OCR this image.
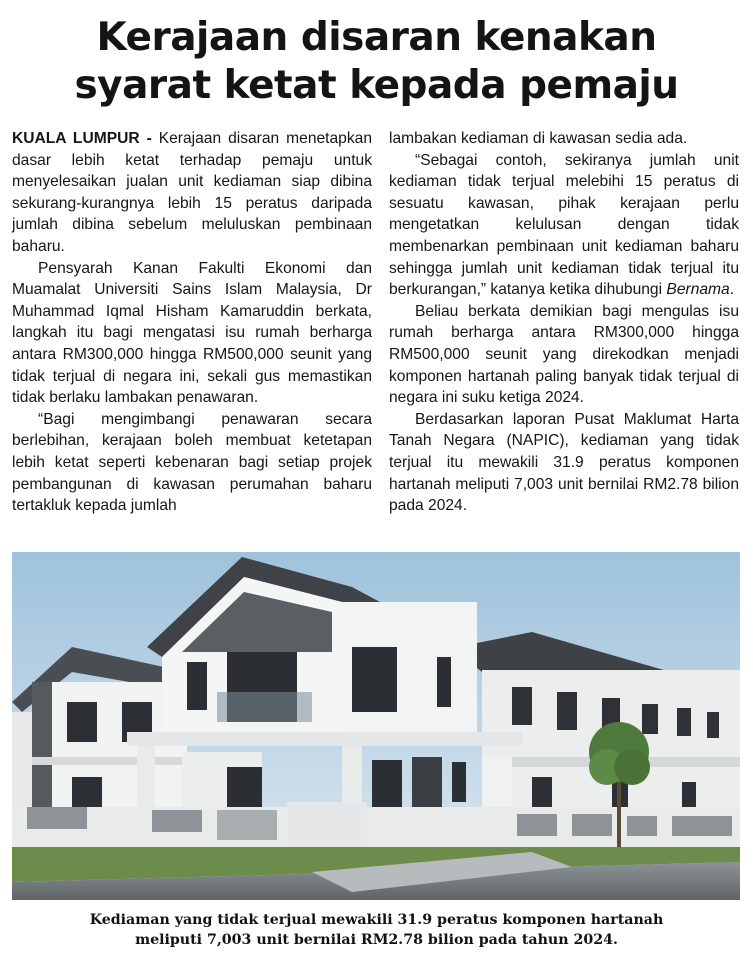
Kerajaan disaran kenakan
syarat ketat kepada pemaju

KUALA LUMPUR - Kerajaan disaran menetapkan dasar lebih ketat terhadap pemaju untuk menyelesaikan jualan unit kediaman siap dibina sekurang-kurangnya lebih 15 peratus daripada jumlah dibina sebelum meluluskan pembinaan baharu.

Pensyarah Kanan Fakulti Ekonomi dan Muamalat Universiti Sains Islam Malaysia, Dr Muhammad Iqmal Hisham Kamaruddin berkata, langkah itu bagi mengatasi isu rumah berharga antara RM300,000 hingga RM500,000 seunit yang tidak terjual di negara ini, sekali gus memastikan tidak berlaku lambakan penawaran.

“Bagi mengimbangi penawaran secara berlebihan, kerajaan boleh membuat ketetapan lebih ketat seperti kebenaran bagi setiap projek pembangunan di kawasan perumahan baharu tertakluk kepada jumlah

lambakan kediaman di kawasan sedia ada.

“Sebagai contoh, sekiranya jumlah unit kediaman tidak terjual melebihi 15 peratus di sesuatu kawasan, pihak kerajaan perlu mengetatkan kelulusan dengan tidak membenarkan pembinaan unit kediaman baharu sehingga jumlah unit kediaman tidak terjual itu berkurangan,” katanya ketika dihubungi Bernama.

Beliau berkata demikian bagi mengulas isu rumah berharga antara RM300,000 hingga RM500,000 seunit yang direkodkan menjadi komponen hartanah paling banyak tidak terjual di negara ini suku ketiga 2024.

Berdasarkan laporan Pusat Maklumat Harta Tanah Negara (NAPIC), kediaman yang tidak terjual itu mewakili 31.9 peratus komponen hartanah meliputi 7,003 unit bernilai RM2.78 bilion pada 2024.

Kediaman yang tidak terjual mewakili 31.9 peratus komponen hartanah
meliputi 7,003 unit bernilai RM2.78 bilion pada tahun 2024.
